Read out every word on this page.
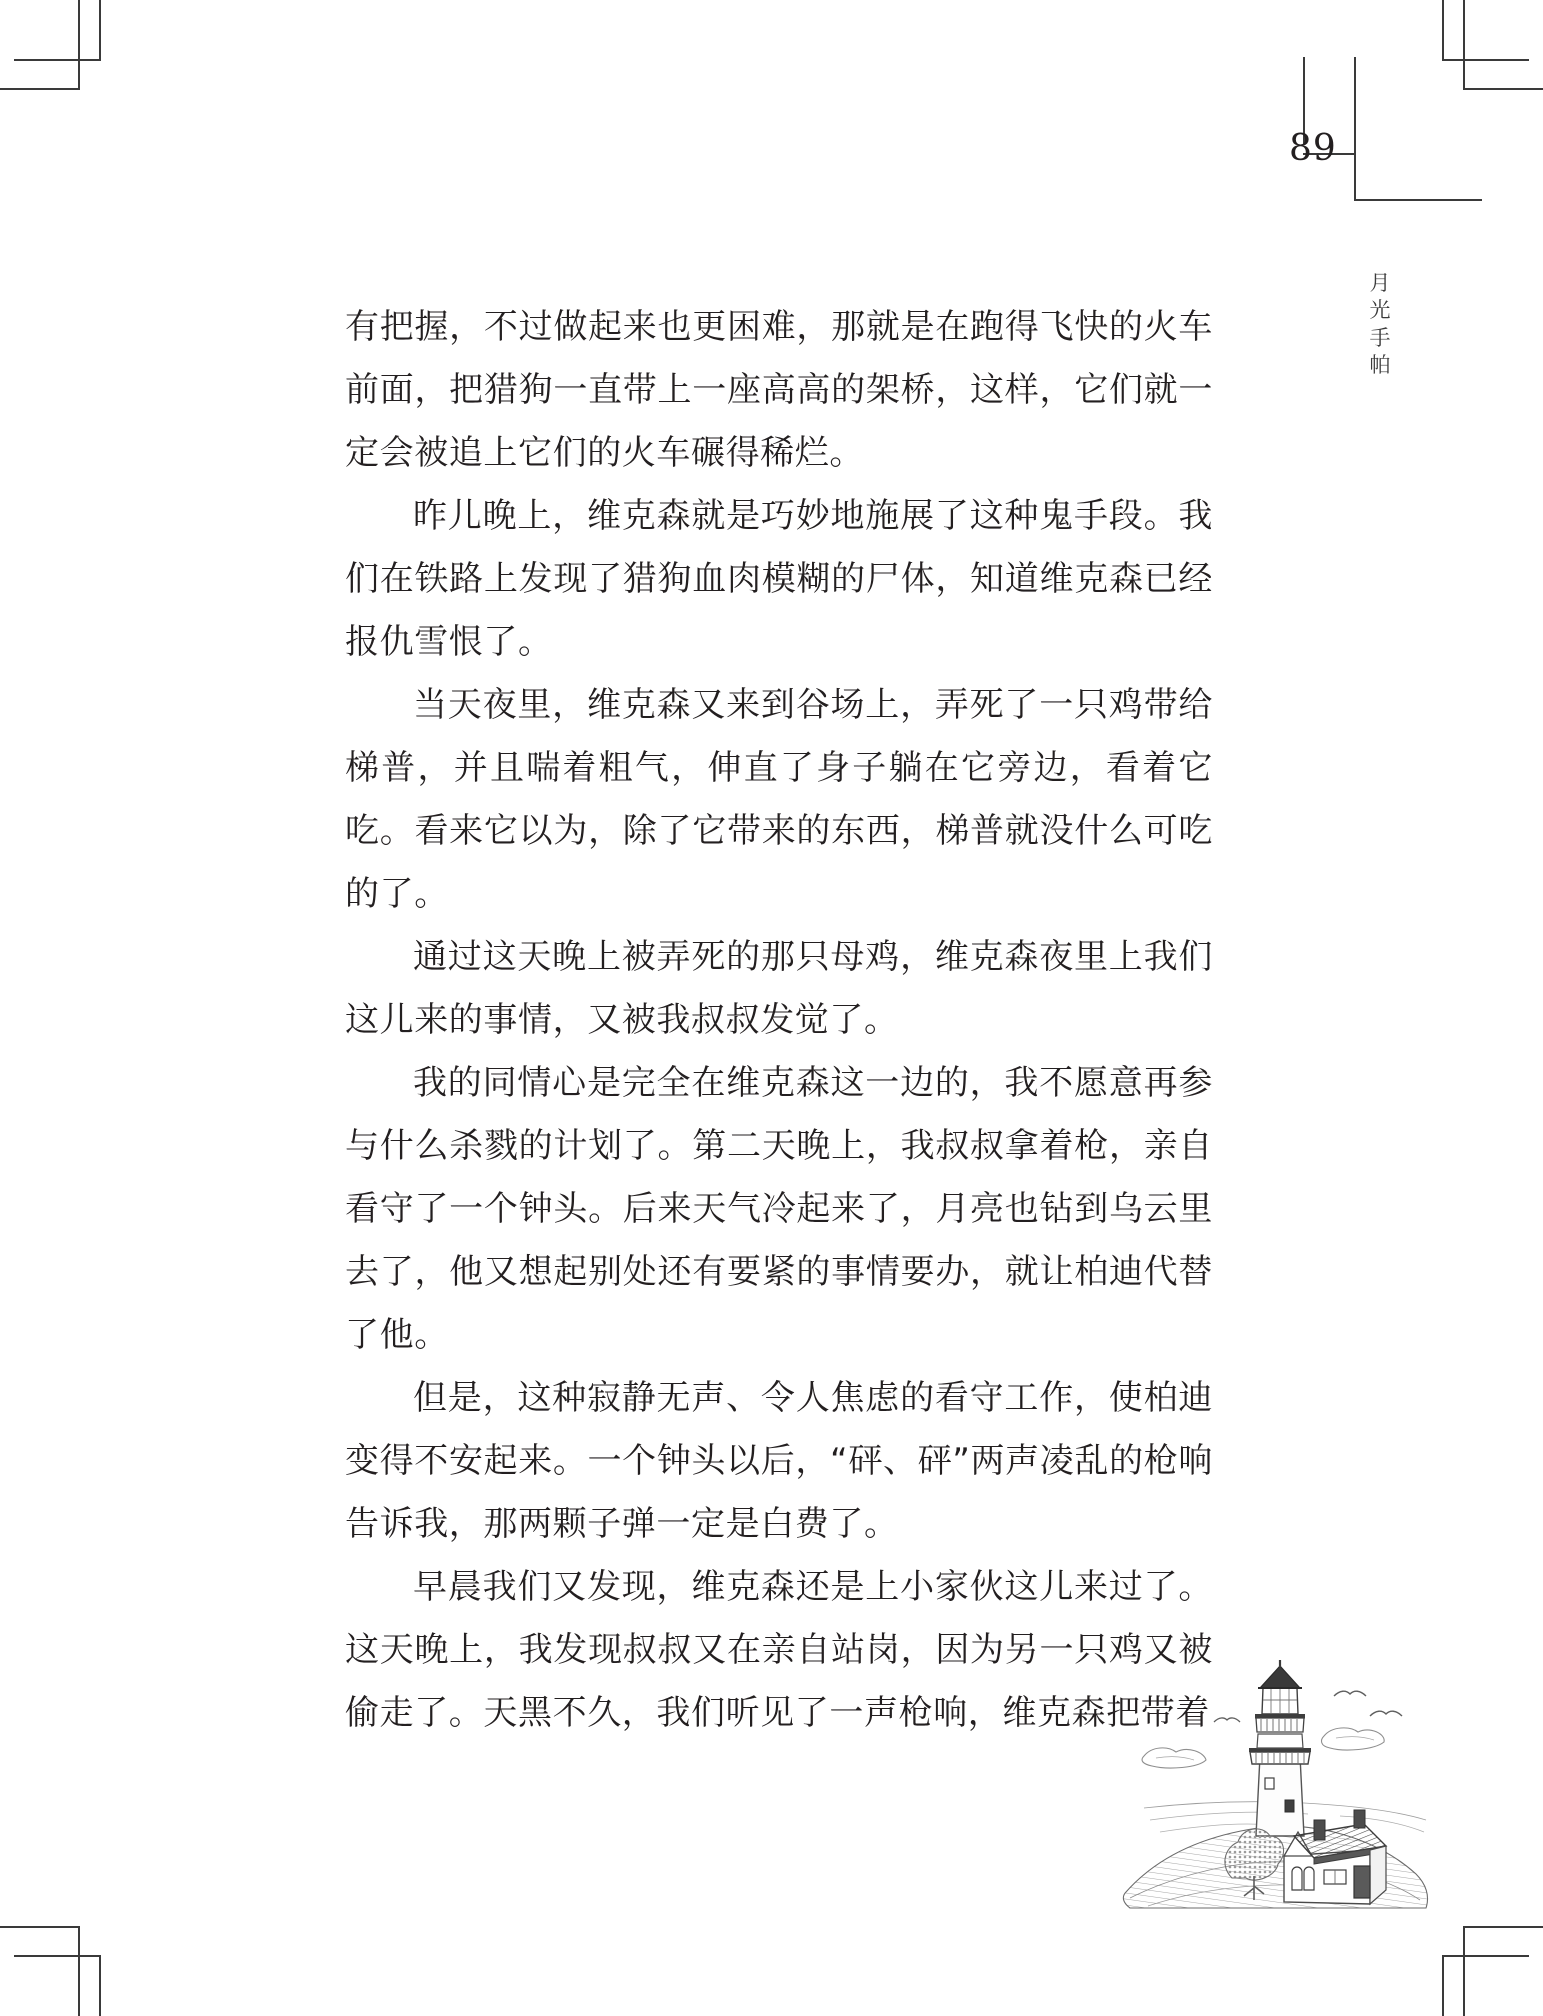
89
月
光
手
帕

有把握，不过做起来也更困难，那就是在跑得飞快的火车前面，把猎狗一直带上一座高高的架桥，这样，它们就一定会被追上它们的火车碾得稀烂。

昨儿晚上，维克森就是巧妙地施展了这种鬼手段。我们在铁路上发现了猎狗血肉模糊的尸体，知道维克森已经报仇雪恨了。

当天夜里，维克森又来到谷场上，弄死了一只鸡带给梯普，并且喘着粗气，伸直了身子躺在它旁边，看着它吃。看来它以为，除了它带来的东西，梯普就没什么可吃的了。

通过这天晚上被弄死的那只母鸡，维克森夜里上我们这儿来的事情，又被我叔叔发觉了。

我的同情心是完全在维克森这一边的，我不愿意再参与什么杀戮的计划了。第二天晚上，我叔叔拿着枪，亲自看守了一个钟头。后来天气冷起来了，月亮也钻到乌云里去了，他又想起别处还有要紧的事情要办，就让柏迪代替了他。

但是，这种寂静无声、令人焦虑的看守工作，使柏迪变得不安起来。一个钟头以后，“砰、砰”两声凌乱的枪响告诉我，那两颗子弹一定是白费了。

早晨我们又发现，维克森还是上小家伙这儿来过了。这天晚上，我发现叔叔又在亲自站岗，因为另一只鸡又被偷走了。天黑不久，我们听见了一声枪响，维克森把带着
